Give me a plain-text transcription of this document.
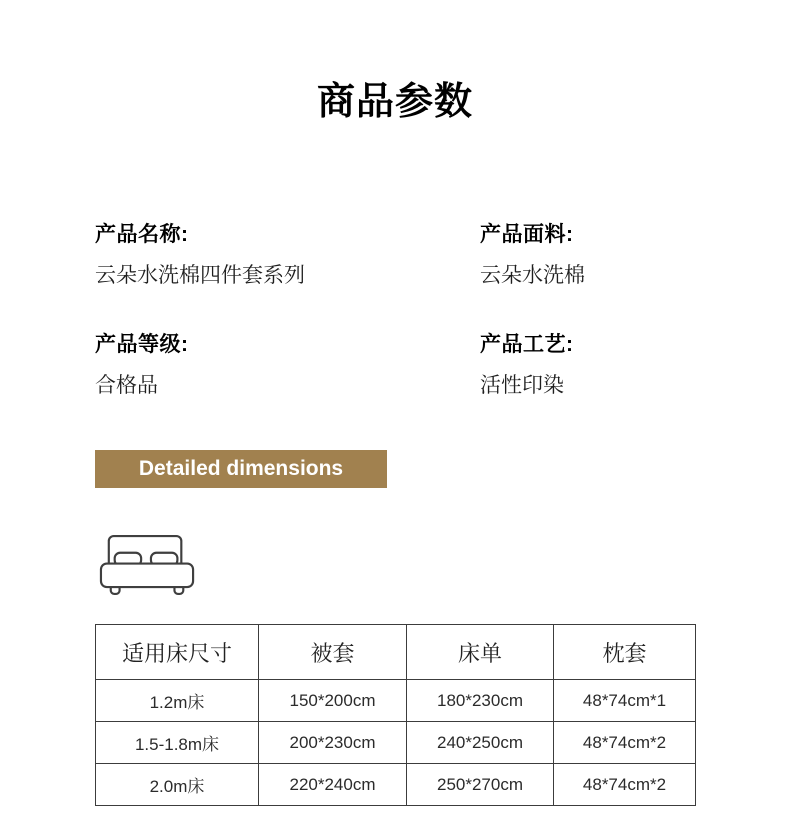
商品参数
产品名称:
云朵水洗棉四件套系列
产品面料:
云朵水洗棉
产品等级:
合格品
产品工艺:
活性印染
Detailed dimensions
适用床尺寸	被套	床单	枕套
1.2m床	150*200cm	180*230cm	48*74cm*1
1.5-1.8m床	200*230cm	240*250cm	48*74cm*2
2.0m床	220*240cm	250*270cm	48*74cm*2
